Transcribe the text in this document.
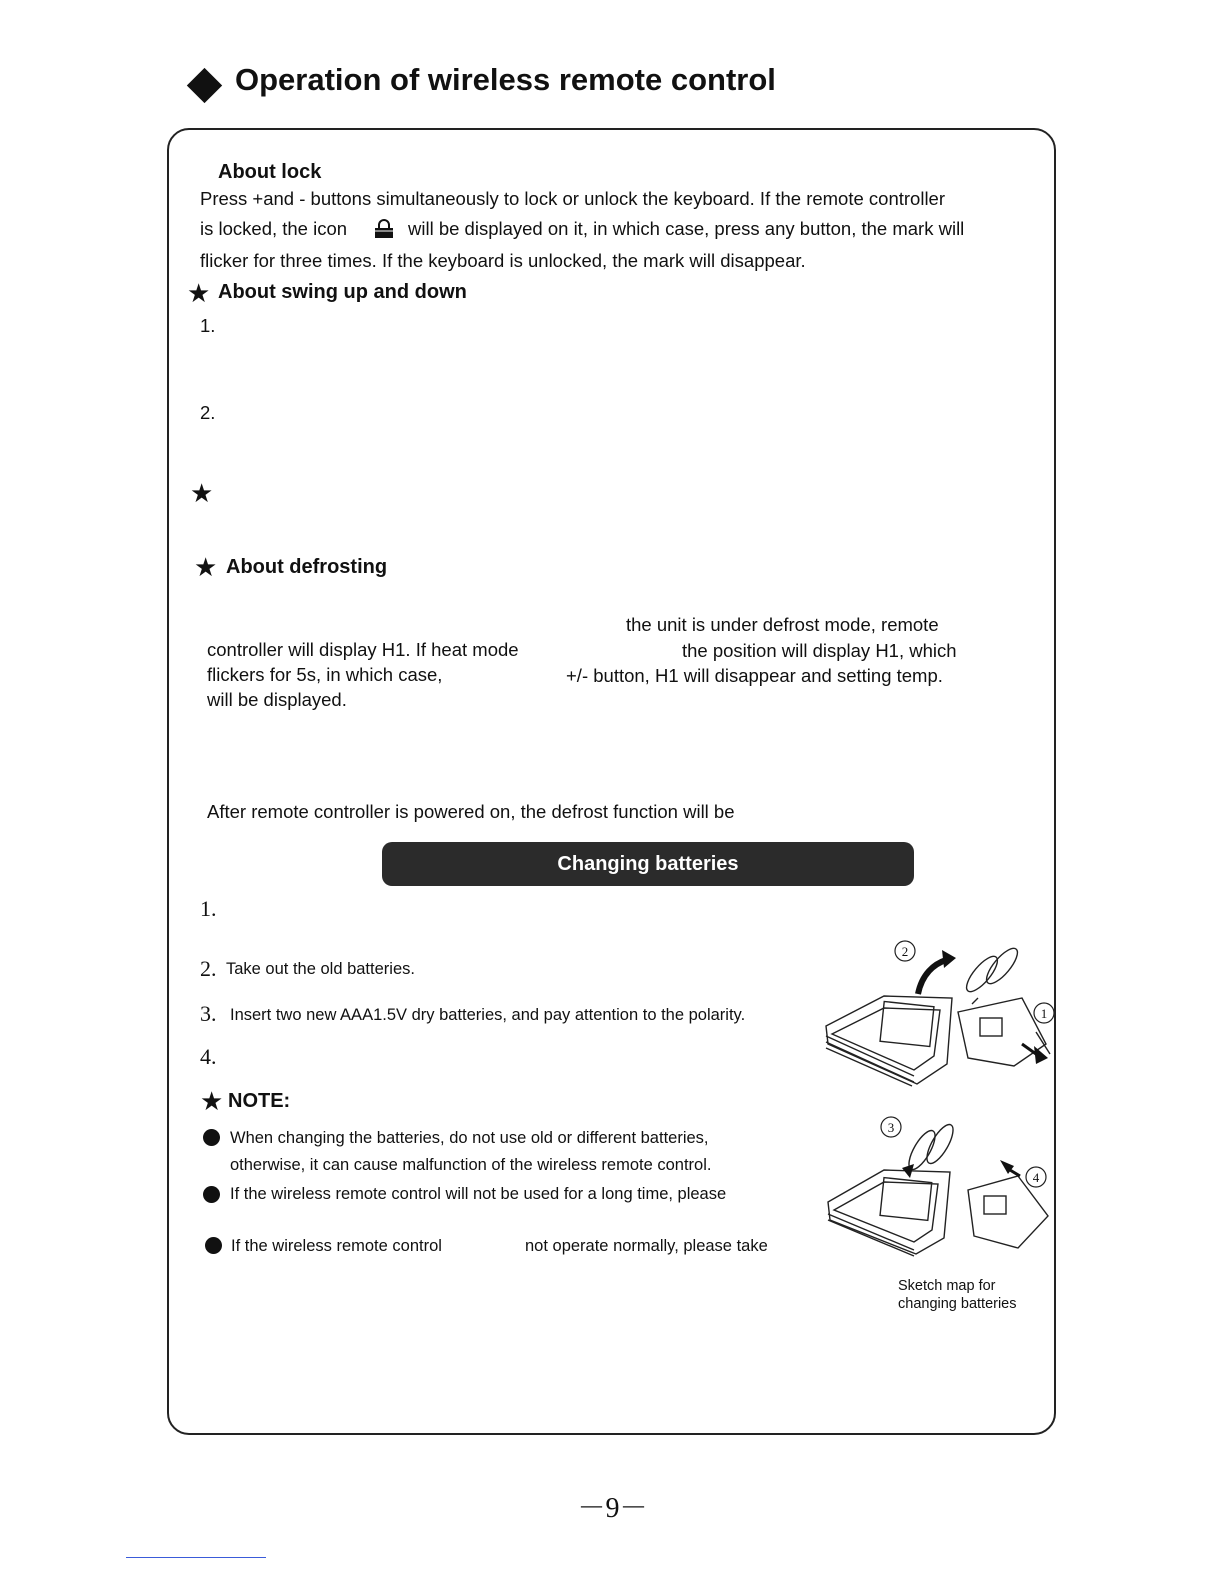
Operation of wireless remote control
About lock
Press +and - buttons simultaneously to lock or unlock the keyboard. If the remote controller
is locked, the icon	will be displayed on it, in which case, press any button, the mark will
flicker for three times. If the keyboard is unlocked, the mark will disappear.
★ About swing up and down
1.
2.
★
★ About defrosting
the unit is under defrost mode, remote
controller will display H1. If heat mode	the position will display H1, which
flickers for 5s, in which case,	+/- button, H1 will disappear and setting temp.
will be displayed.
After remote controller is powered on, the defrost function will be
Changing batteries
1.
2. Take out the old batteries.
3. Insert two new AAA1.5V dry batteries, and pay attention to the polarity.
4.
★ NOTE:
When changing the batteries, do not use old or different batteries,
otherwise, it can cause malfunction of the wireless remote control.
If the wireless remote control will not be used for a long time, please
If the wireless remote control	not operate normally, please take
2
1
3
4
Sketch map for
changing batteries
－9－
